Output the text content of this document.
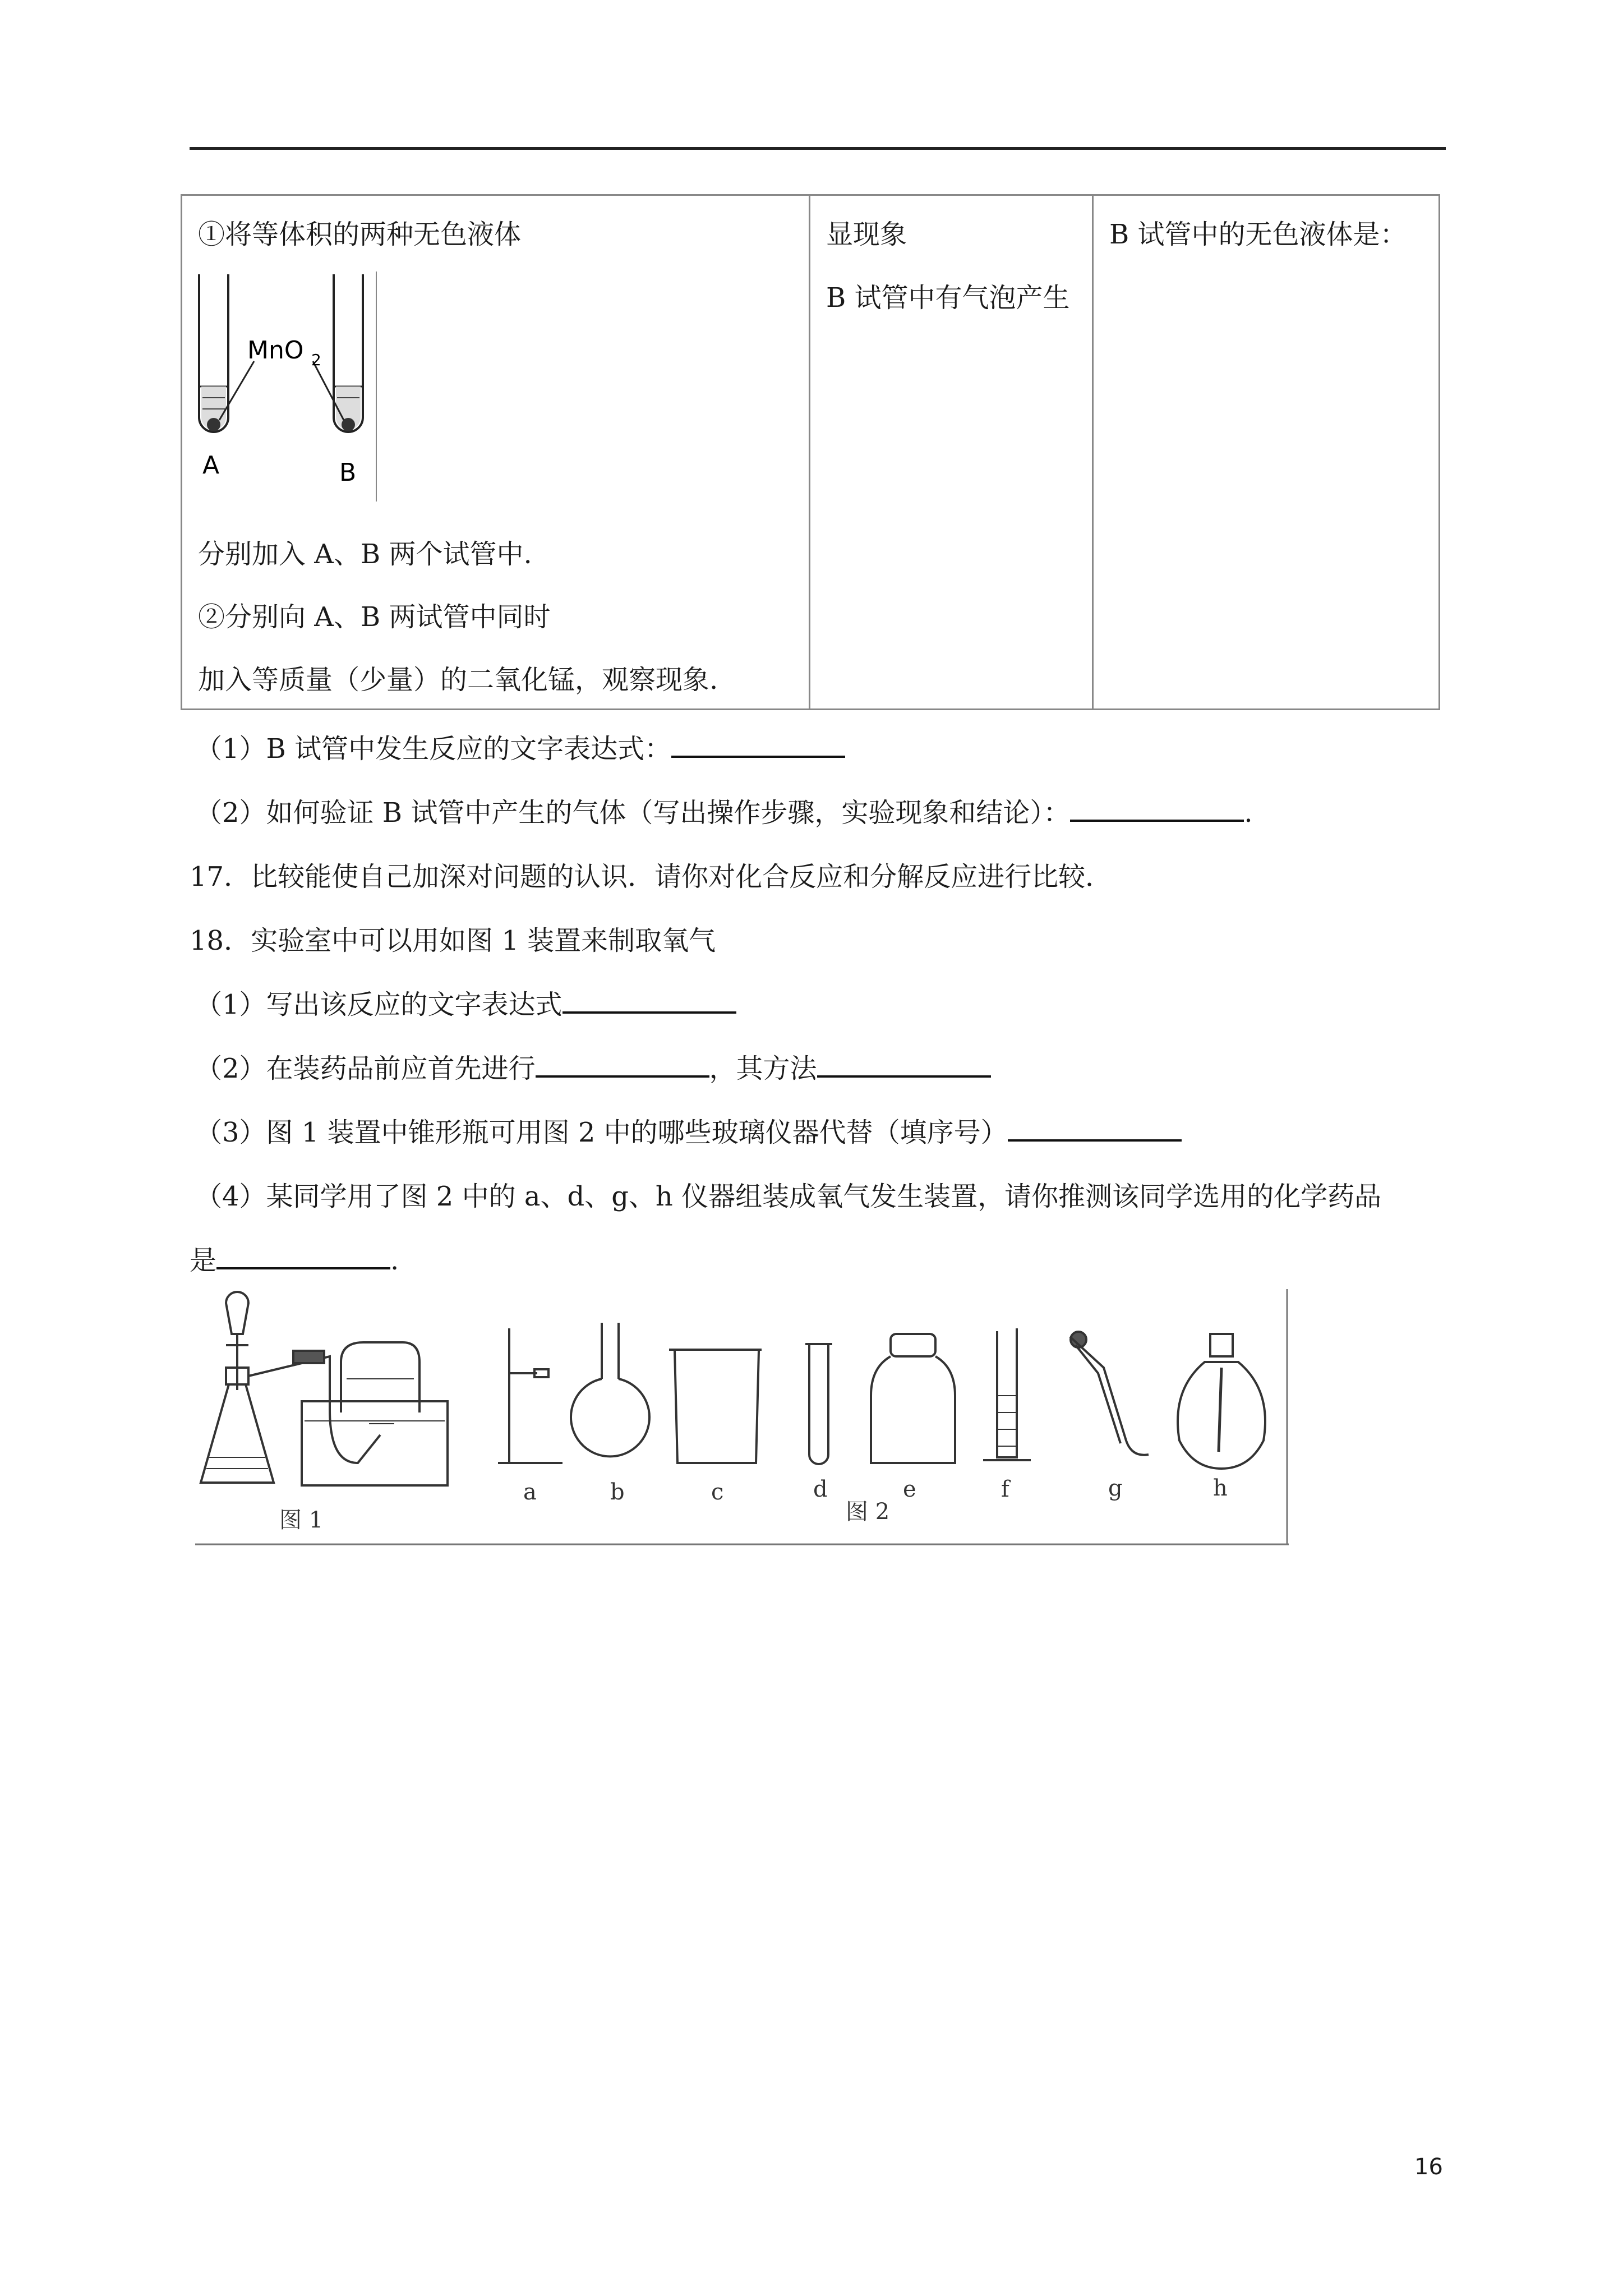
①将等体积的两种无色液体
MnO 2
A	B
分别加入 A、B 两个试管中.
②分别向 A、B 两试管中同时
加入等质量（少量）的二氧化锰，观察现象.

显现象
B 试管中有气泡产生

B 试管中的无色液体是：
（1）B 试管中发生反应的文字表达式：
（2）如何验证 B 试管中产生的气体（写出操作步骤，实验现象和结论）：	.
17．比较能使自己加深对问题的认识．请你对化合反应和分解反应进行比较．
18．实验室中可以用如图 1 装置来制取氧气
（1）写出该反应的文字表达式
（2）在装药品前应首先进行	，其方法
（3）图 1 装置中锥形瓶可用图 2 中的哪些玻璃仪器代替（填序号）
（4）某同学用了图 2 中的 a、d、g、h 仪器组装成氧气发生装置，请你推测该同学选用的化学药品
是	.
图 1	图 2
a	b	c	d	e	f	g	h
16
